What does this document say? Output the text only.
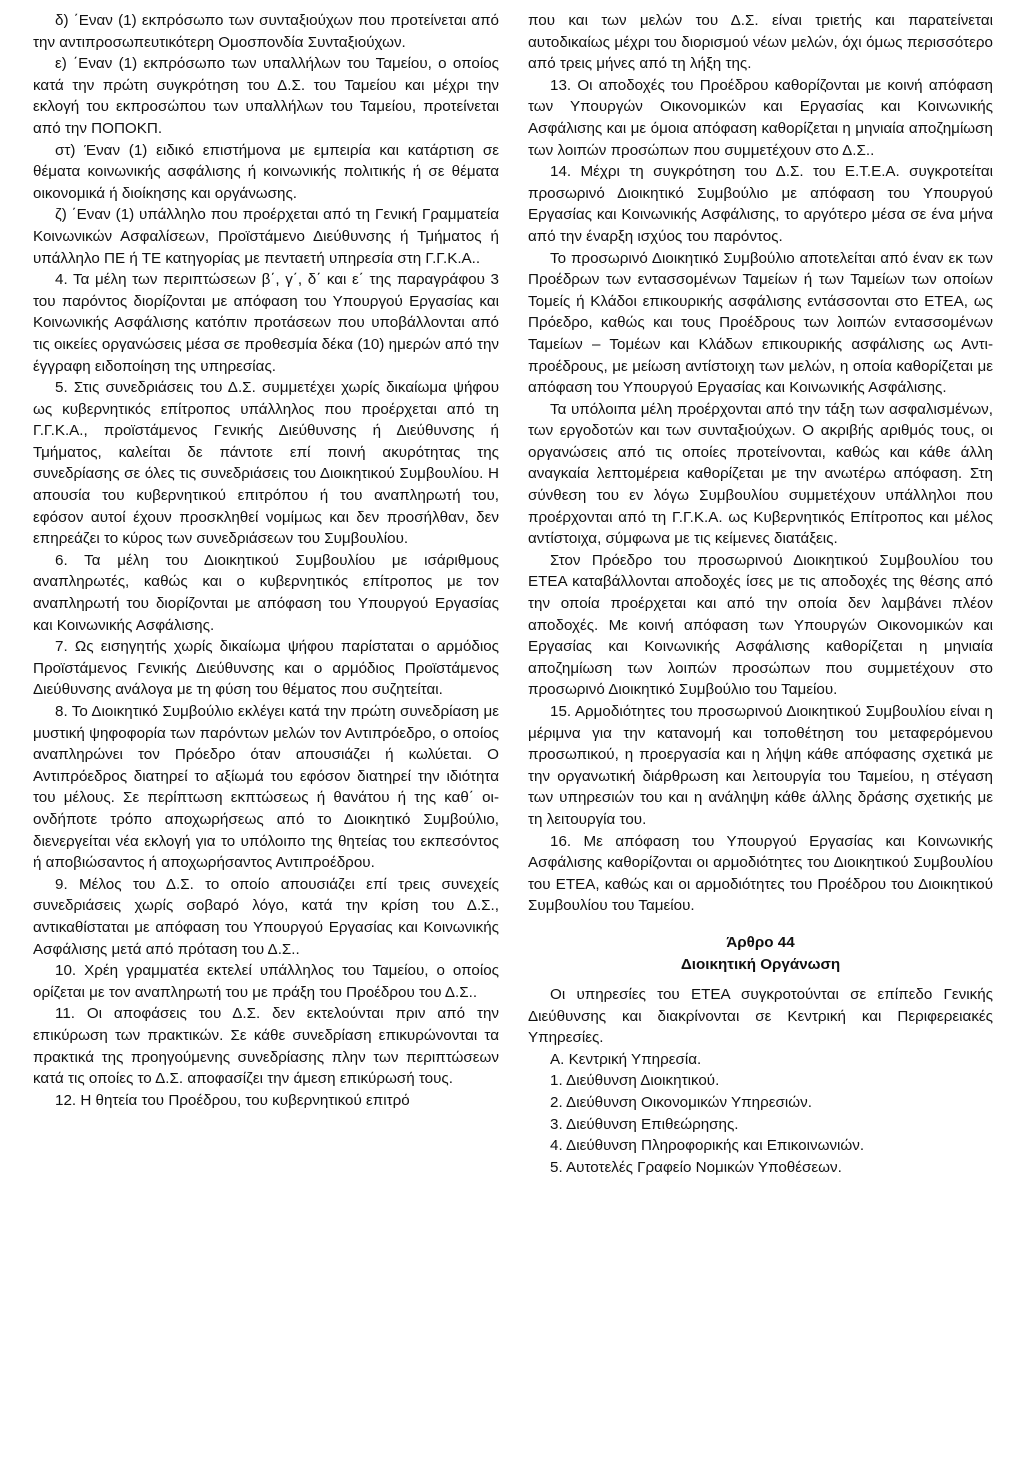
δ) ΄Εναν (1) εκπρόσωπο των συνταξιούχων που προτείνεται από την αντιπροσωπευτικότερη Ομοσπονδία Συνταξιούχων.

ε) ΄Εναν (1) εκπρόσωπο των υπαλλήλων του Ταμείου, ο οποίος κατά την πρώτη συγκρότηση του Δ.Σ. του Ταμείου και μέχρι την εκλογή του εκπροσώπου των υπαλλήλων του Ταμείου, προτείνεται από την ΠΟΠΟΚΠ.

στ) Έναν (1) ειδικό επιστήμονα με εμπειρία και κατάρτιση σε θέματα κοινωνικής ασφάλισης ή κοινωνικής πολιτικής ή σε θέματα οικονομικά ή διοίκησης και οργάνωσης.

ζ) ΄Εναν (1) υπάλληλο που προέρχεται από τη Γενική Γραμματεία Κοινωνικών Ασφαλίσεων, Προϊστάμενο Διεύθυνσης ή Τμήματος ή υπάλληλο ΠΕ ή ΤΕ κατηγορίας με πενταετή υπηρεσία στη Γ.Γ.Κ.Α..

4. Τα μέλη των περιπτώσεων β΄, γ΄, δ΄ και ε΄ της παραγράφου 3 του παρόντος διορίζονται με απόφαση του Υπουργού Εργασίας και Κοινωνικής Ασφάλισης κατόπιν προτάσεων που υποβάλλονται από τις οικείες οργανώσεις μέσα σε προθεσμία δέκα (10) ημερών από την έγγραφη ειδοποίηση της υπηρεσίας.

5. Στις συνεδριάσεις του Δ.Σ. συμμετέχει χωρίς δικαίωμα ψήφου ως κυβερνητικός επίτροπος υπάλληλος που προέρχεται από τη Γ.Γ.Κ.Α., προϊστάμενος Γενικής Διεύθυνσης ή Διεύθυνσης ή Τμήματος, καλείται δε πάντοτε επί ποινή ακυρότητας της συνεδρίασης σε όλες τις συνεδριάσεις του Διοικητικού Συμβουλίου. Η απουσία του κυβερνητικού επιτρόπου ή του αναπληρωτή του, εφόσον αυτοί έχουν προσκληθεί νομίμως και δεν προσήλθαν, δεν επηρεάζει το κύρος των συνεδριάσεων του Συμβουλίου.

6. Τα μέλη του Διοικητικού Συμβουλίου με ισάριθμους αναπληρωτές, καθώς και ο κυβερνητικός επίτροπος με τον αναπληρωτή του διορίζονται με απόφαση του Υπουργού Εργασίας και Κοινωνικής Ασφάλισης.

7. Ως εισηγητής χωρίς δικαίωμα ψήφου παρίσταται ο αρμόδιος Προϊστάμενος Γενικής Διεύθυνσης και ο αρμόδιος Προϊστάμενος Διεύθυνσης ανάλογα με τη φύση του θέματος που συζητείται.

8. Το Διοικητικό Συμβούλιο εκλέγει κατά την πρώτη συνεδρίαση με μυστική ψηφοφορία των παρόντων μελών τον Αντιπρόεδρο, ο οποίος αναπληρώνει τον Πρόεδρο όταν απουσιάζει ή κωλύεται. Ο Αντιπρόεδρος διατηρεί το αξίωμά του εφόσον διατηρεί την ιδιότητα του μέλους. Σε περίπτωση εκπτώσεως ή θανάτου ή της καθ΄ οιονδήποτε τρόπο αποχωρήσεως από το Διοικητικό Συμβούλιο, διενεργείται νέα εκλογή για το υπόλοιπο της θητείας του εκπεσόντος ή αποβιώσαντος ή αποχωρήσαντος Αντιπροέδρου.

9. Μέλος του Δ.Σ. το οποίο απουσιάζει επί τρεις συνεχείς συνεδριάσεις χωρίς σοβαρό λόγο, κατά την κρίση του Δ.Σ., αντικαθίσταται με απόφαση του Υπουργού Εργασίας και Κοινωνικής Ασφάλισης μετά από πρόταση του Δ.Σ..

10. Χρέη γραμματέα εκτελεί υπάλληλος του Ταμείου, ο οποίος ορίζεται με τον αναπληρωτή του με πράξη του Προέδρου του Δ.Σ..

11. Οι αποφάσεις του Δ.Σ. δεν εκτελούνται πριν από την επικύρωση των πρακτικών. Σε κάθε συνεδρίαση επικυρώνονται τα πρακτικά της προηγούμενης συνεδρίασης πλην των περιπτώσεων κατά τις οποίες το Δ.Σ. αποφασίζει την άμεση επικύρωσή τους.

12. Η θητεία του Προέδρου, του κυβερνητικού επιτρό

που και των μελών του Δ.Σ. είναι τριετής και παρατείνεται αυτοδικαίως μέχρι του διορισμού νέων μελών, όχι όμως περισσότερο από τρεις μήνες από τη λήξη της.

13. Οι αποδοχές του Προέδρου καθορίζονται με κοινή απόφαση των Υπουργών Οικονομικών και Εργασίας και Κοινωνικής Ασφάλισης και με όμοια απόφαση καθορίζεται η μηνιαία αποζημίωση των λοιπών προσώπων που συμμετέχουν στο Δ.Σ..

14. Μέχρι τη συγκρότηση του Δ.Σ. του Ε.Τ.Ε.Α. συγκροτείται προσωρινό Διοικητικό Συμβούλιο με απόφαση του Υπουργού Εργασίας και Κοινωνικής Ασφάλισης, το αργότερο μέσα σε ένα μήνα από την έναρξη ισχύος του παρόντος.

Το προσωρινό Διοικητικό Συμβούλιο αποτελείται από έναν εκ των Προέδρων των εντασσομένων Ταμείων ή των Ταμείων των οποίων Τομείς ή Κλάδοι επικουρικής ασφάλισης εντάσσονται στο ΕΤΕΑ, ως Πρόεδρο, καθώς και τους Προέδρους των λοιπών εντασσομένων Ταμείων – Τομέων και Κλάδων επικουρικής ασφάλισης ως Αντιπροέδρους, με μείωση αντίστοιχη των μελών, η οποία καθορίζεται με απόφαση του Υπουργού Εργασίας και Κοινωνικής Ασφάλισης.

Τα υπόλοιπα μέλη προέρχονται από την τάξη των ασφαλισμένων, των εργοδοτών και των συνταξιούχων. Ο ακριβής αριθμός τους, οι οργανώσεις από τις οποίες προτείνονται, καθώς και κάθε άλλη αναγκαία λεπτομέρεια καθορίζεται με την ανωτέρω απόφαση. Στη σύνθεση του εν λόγω Συμβουλίου συμμετέχουν υπάλληλοι που προέρχονται από τη Γ.Γ.Κ.Α. ως Κυβερνητικός Επίτροπος και μέλος αντίστοιχα, σύμφωνα με τις κείμενες διατάξεις.

Στον Πρόεδρο του προσωρινού Διοικητικού Συμβουλίου του ΕΤΕΑ καταβάλλονται αποδοχές ίσες με τις αποδοχές της θέσης από την οποία προέρχεται και από την οποία δεν λαμβάνει πλέον αποδοχές. Με κοινή απόφαση των Υπουργών Οικονομικών και Εργασίας και Κοινωνικής Ασφάλισης καθορίζεται η μηνιαία αποζημίωση των λοιπών προσώπων που συμμετέχουν στο προσωρινό Διοικητικό Συμβούλιο του Ταμείου.

15. Αρμοδιότητες του προσωρινού Διοικητικού Συμβουλίου είναι η μέριμνα για την κατανομή και τοποθέτηση του μεταφερόμενου προσωπικού, η προεργασία και η λήψη κάθε απόφασης σχετικά με την οργανωτική διάρθρωση και λειτουργία του Ταμείου, η στέγαση των υπηρεσιών του και η ανάληψη κάθε άλλης δράσης σχετικής με τη λειτουργία του.

16. Με απόφαση του Υπουργού Εργασίας και Κοινωνικής Ασφάλισης καθορίζονται οι αρμοδιότητες του Διοικητικού Συμβουλίου του ΕΤΕΑ, καθώς και οι αρμοδιότητες του Προέδρου του Διοικητικού Συμβουλίου του Ταμείου.

Άρθρο 44
Διοικητική Οργάνωση

Οι υπηρεσίες του ΕΤΕΑ συγκροτούνται σε επίπεδο Γενικής Διεύθυνσης και διακρίνονται σε Κεντρική και Περιφερειακές Υπηρεσίες.

Α. Κεντρική Υπηρεσία.

1. Διεύθυνση Διοικητικού.

2. Διεύθυνση Οικονομικών Υπηρεσιών.

3. Διεύθυνση Επιθεώρησης.

4. Διεύθυνση Πληροφορικής και Επικοινωνιών.

5. Αυτοτελές Γραφείο Νομικών Υποθέσεων.
